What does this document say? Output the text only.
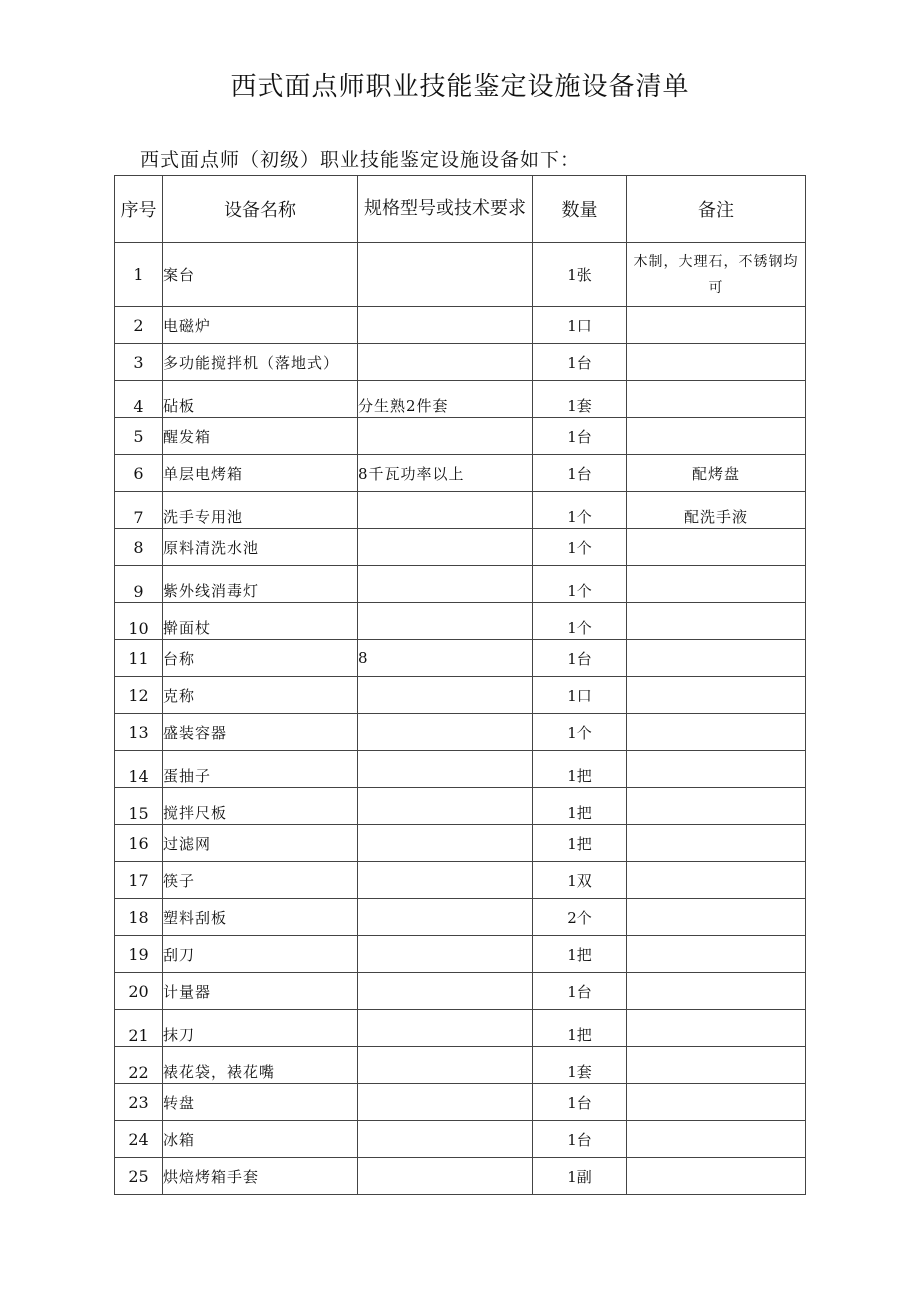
西式面点师职业技能鉴定设施设备清单
西式面点师（初级）职业技能鉴定设施设备如下：
序号	设备名称	规格型号或技术要求	数量	备注
1	案台		1张	木制，大理石，不锈钢均可
2	电磁炉		1口	
3	多功能搅拌机（落地式）		1台	
4	砧板	分生熟2件套	1套	
5	醒发箱		1台	
6	单层电烤箱	8千瓦功率以上	1台	配烤盘
7	洗手专用池		1个	配洗手液
8	原料清洗水池		1个	
9	紫外线消毒灯		1个	
10	擀面杖		1个	
11	台称	8	1台	
12	克称		1口	
13	盛装容器		1个	
14	蛋抽子		1把	
15	搅拌尺板		1把	
16	过滤网		1把	
17	筷子		1双	
18	塑料刮板		2个	
19	刮刀		1把	
20	计量器		1台	
21	抹刀		1把	
22	裱花袋，裱花嘴		1套	
23	转盘		1台	
24	冰箱		1台	
25	烘焙烤箱手套		1副	
